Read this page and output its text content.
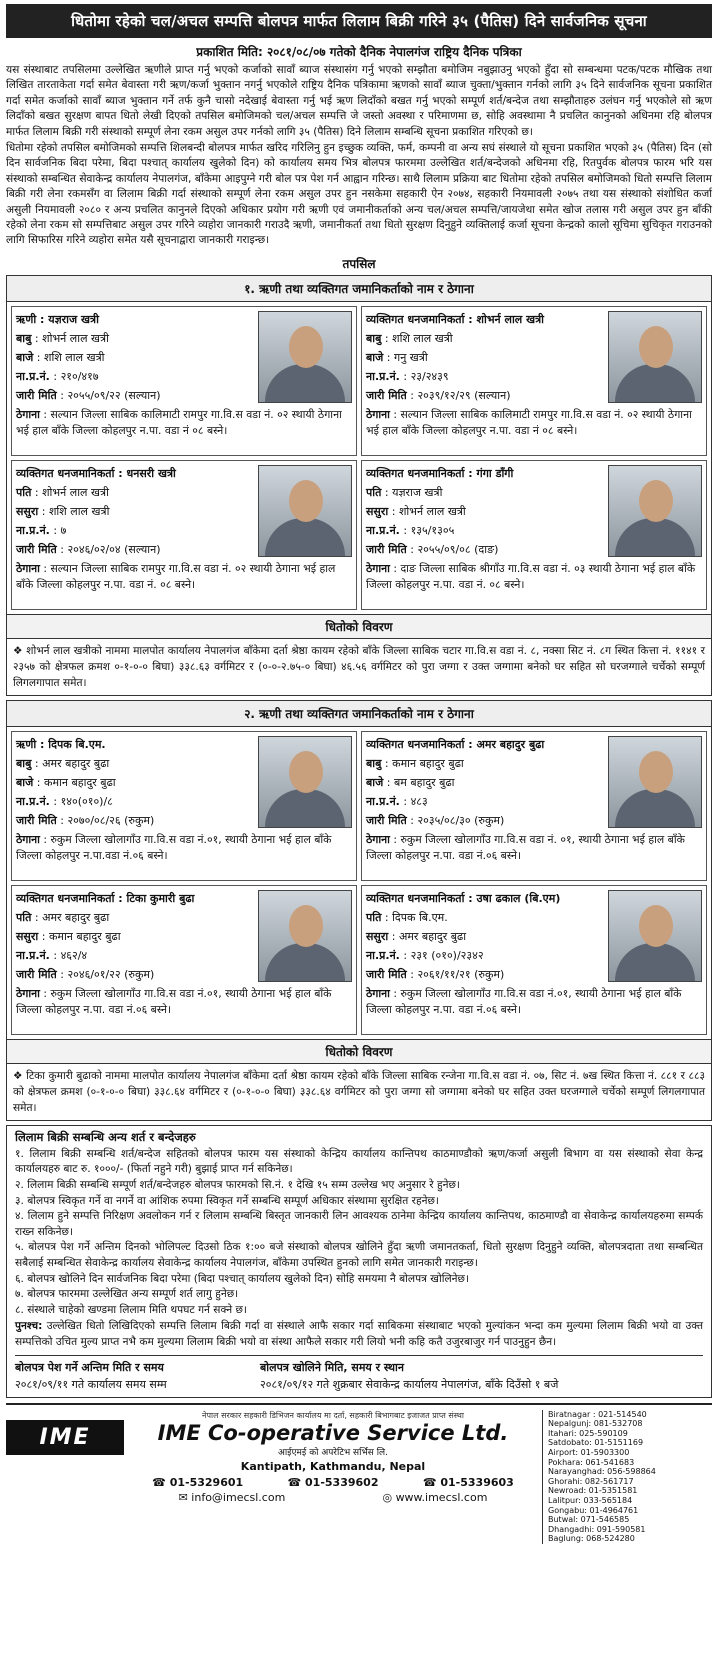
धितोमा रहेको चल/अचल सम्पत्ति बोलपत्र मार्फत लिलाम बिक्री गरिने ३५ (पैतिस) दिने सार्वजनिक सूचना
प्रकाशित मिति: २०८१/०८/०७ गतेको दैनिक नेपालगंज राष्ट्रिय दैनिक पत्रिका

यस संस्थाबाट तपसिलमा उल्लेखित ऋणीले प्राप्त गर्नु भएको कर्जाको सावाँ ब्याज संस्थासंग गर्नु भएको सम्झौता बमोजिम नबुझाउनु भएको हुँदा सो सम्बन्धमा पटक/पटक मौखिक तथा लिखित तारताकेता गर्दा समेत बेवास्ता गरी ऋण/कर्जा भुक्तान नगर्नु भएकोले राष्ट्रिय दैनिक पत्रिकामा ऋणको सावाँ ब्याज चुक्ता/भुक्तान गर्नको लागि ३५ दिने सार्वजनिक सूचना प्रकाशित गर्दा समेत कर्जाको सावाँ ब्याज भुक्तान गर्ने तर्फ कुनै चासो नदेखाई बेवास्ता गर्नु भई ऋण लिदाँको बखत गर्नु भएको सम्पूर्ण शर्त/बन्देज तथा सम्झौताहरु उलंघन गर्नु भएकोले सो ऋण लिदाँको बखत सुरक्षण बापत धितो लेखी दिएको तपसिल बमोजिमको चल/अचल सम्पत्ति जे जस्तो अवस्था र परिमाणमा छ, सोहि अवस्थामा नै प्रचलित कानुनको अधिनमा रहि बोलपत्र मार्फत लिलाम बिक्री गरी संस्थाको सम्पूर्ण लेना रकम असुल उपर गर्नको लागि ३५ (पैतिस) दिने लिलाम सम्बन्धि सूचना प्रकाशित गरिएको छ।

धितोमा रहेको तपसिल बमोजिमको सम्पत्ति शिलबन्दी बोलपत्र मार्फत खरिद गरिलिनु हुन इच्छुक व्यक्ति, फर्म, कम्पनी वा अन्य सघं संस्थाले यो सूचना प्रकाशित भएको ३५ (पैतिस) दिन (सो दिन सार्वजनिक बिदा परेमा, बिदा पश्चात् कार्यालय खुलेको दिन) को कार्यालय समय भित्र बोलपत्र फारममा उल्लेखित शर्त/बन्देजको अधिनमा रहि, रितपुर्वक बोलपत्र फारम भरि यस संस्थाको सम्बन्धित सेवाकेन्द्र कार्यालय नेपालगंज, बाँकेमा आइपुग्ने गरी बोल पत्र पेश गर्न आह्वान गरिन्छ। साथै लिलाम प्रक्रिया बाट धितोमा रहेको तपसिल बमोजिमको धितो सम्पत्ति लिलाम बिक्री गरी लेना रकमसँग वा लिलाम बिक्री गर्दा संस्थाको सम्पूर्ण लेना रकम असुल उपर हुन नसकेमा सहकारी ऐन २०७४, सहकारी नियमावली २०७५ तथा यस संस्थाको संशोधित कर्जा असुली नियमावली २०८० र अन्य प्रचलित कानुनले दिएको अधिकार प्रयोग गरी ऋणी एवं जमानीकर्ताको अन्य चल/अचल सम्पत्ति/जायजेथा समेत खोज तलास गरी असुल उपर हुन बाँकी रहेको लेना रकम सो सम्पत्तिबाट असुल उपर गरिने व्यहोरा जानकारी गराउदै ऋणी, जमानीकर्ता तथा धितो सुरक्षण दिनुहुने व्यक्तिलाई कर्जा सूचना केन्द्रको कालो सूचिमा सुचिकृत गराउनको लागि सिफारिस गरिने व्यहोरा समेत यसै सूचनाद्वारा जानकारी गराइन्छ।

तपसिल
१. ऋणी तथा व्यक्तिगत जमानिकर्ताको नाम र ठेगाना
ऋणी : यज्ञराज खत्री
बाबु : शोभर्न लाल खत्री
बाजे : शशि लाल खत्री
ना.प्र.नं. : २१०/४१७
जारी मिति : २०५५/०९/२२ (सल्यान)
ठेगाना : सल्यान जिल्ला साबिक कालिमाटी रामपुर गा.वि.स वडा नं. ०२ स्थायी ठेगाना भई हाल बाँके जिल्ला कोहलपुर न.पा. वडा नं ०८ बस्ने।
व्यक्तिगत धनजमानिकर्ता : शोभर्न लाल खत्री
बाबु : शशि लाल खत्री
बाजे : गनु खत्री
ना.प्र.नं. : २३/२४३९
जारी मिति : २०३९/१२/२९ (सल्यान)
ठेगाना : सल्यान जिल्ला साबिक कालिमाटी रामपुर गा.वि.स वडा नं. ०२ स्थायी ठेगाना भई हाल बाँके जिल्ला कोहलपुर न.पा. वडा नं ०८ बस्ने।
व्यक्तिगत धनजमानिकर्ता : धनसरी खत्री
पति : शोभर्न लाल खत्री
ससुरा : शशि लाल खत्री
ना.प्र.नं. : ७
जारी मिति : २०४६/०२/०४ (सल्यान)
ठेगाना : सल्यान जिल्ला साबिक रामपुर गा.वि.स वडा नं. ०२ स्थायी ठेगाना भई हाल बाँके जिल्ला कोहलपुर न.पा. वडा नं. ०८ बस्ने।
व्यक्तिगत धनजमानिकर्ता : गंगा डाँगी
पति : यज्ञराज खत्री
ससुरा : शोभर्न लाल खत्री
ना.प्र.नं. : १३५/१३०५
जारी मिति : २०५५/०९/०८ (दाङ)
ठेगाना : दाङ जिल्ला साबिक श्रीगाँउ गा.वि.स वडा नं. ०३ स्थायी ठेगाना भई हाल बाँके जिल्ला कोहलपुर न.पा. वडा नं. ०८ बस्ने।
धितोको विवरण
❖ शोभर्न लाल खत्रीको नाममा मालपोत कार्यालय नेपालगंज बाँकेमा दर्ता श्रेष्ठा कायम रहेको बाँके जिल्ला साबिक चटार गा.वि.स वडा नं. ८, नक्सा सिट नं. ८ग स्थित कित्ता नं. ११४१ र २३५७ को क्षेत्रफल क्रमश ०-१-०-० बिघा) ३३८.६३ वर्गमिटर र (०-०-२.७५-० बिघा) ४६.५६ वर्गमिटर को पुरा जग्गा र उक्त जग्गामा बनेको घर सहित सो घरजग्गाले चर्चेको सम्पूर्ण लिगलगापात समेत।
२. ऋणी तथा व्यक्तिगत जमानिकर्ताको नाम र ठेगाना
ऋणी : दिपक बि.एम.
बाबु : अमर बहादुर बुढा
बाजे : कमान बहादुर बुढा
ना.प्र.नं. : १४०(०१०)/८
जारी मिति : २०७०/०८/२६ (रुकुम)
ठेगाना : रुकुम जिल्ला खोलागाँउ गा.वि.स वडा नं.०१, स्थायी ठेगाना भई हाल बाँके जिल्ला कोहलपुर न.पा.वडा नं.०६ बस्ने।
व्यक्तिगत धनजमानिकर्ता : अमर बहादुर बुढा
बाबु : कमान बहादुर बुढा
बाजे : बम बहादुर बुढा
ना.प्र.नं. : ४८३
जारी मिति : २०३५/०८/३० (रुकुम)
ठेगाना : रुकुम जिल्ला खोलागाँउ गा.वि.स वडा नं. ०१, स्थायी ठेगाना भई हाल बाँके जिल्ला कोहलपुर न.पा. वडा नं.०६ बस्ने।
व्यक्तिगत धनजमानिकर्ता : टिका कुमारी बुढा
पति : अमर बहादुर बुढा
ससुरा : कमान बहादुर बुढा
ना.प्र.नं. : ४६२/४
जारी मिति : २०४६/०१/२२ (रुकुम)
ठेगाना : रुकुम जिल्ला खोलागाँउ गा.वि.स वडा नं.०१, स्थायी ठेगाना भई हाल बाँके जिल्ला कोहलपुर न.पा. वडा नं.०६ बस्ने।
व्यक्तिगत धनजमानिकर्ता : उषा ढकाल (बि.एम)
पति : दिपक बि.एम.
ससुरा : अमर बहादुर बुढा
ना.प्र.नं. : २३१ (०१०)/२३४२
जारी मिति : २०६१/११/२१ (रुकुम)
ठेगाना : रुकुम जिल्ला खोलागाँउ गा.वि.स वडा नं.०१, स्थायी ठेगाना भई हाल बाँके जिल्ला कोहलपुर न.पा. वडा नं.०६ बस्ने।
धितोको विवरण
❖ टिका कुमारी बुढाको नाममा मालपोत कार्यालय नेपालगंज बाँकेमा दर्ता श्रेष्ठा कायम रहेको बाँके जिल्ला साबिक रन्जेना गा.वि.स वडा नं. ०७, सिट नं. ७ख स्थित कित्ता नं. ८८१ र ८८३ को क्षेत्रफल क्रमश (०-१-०-० बिघा) ३३८.६४ वर्गमिटर र (०-१-०-० बिघा) ३३८.६४ वर्गमिटर को पुरा जग्गा सो जग्गामा बनेको घर सहित उक्त घरजग्गाले चर्चेको सम्पूर्ण लिगलगापात समेत।
लिलाम बिक्री सम्बन्धि अन्य शर्त र बन्देजहरु
१. लिलाम बिक्री सम्बन्धि शर्त/बन्देज सहितको बोलपत्र फारम यस संस्थाको केन्द्रिय कार्यालय कान्तिपथ काठमाण्डौको ऋण/कर्जा असुली बिभाग वा यस संस्थाको सेवा केन्द्र कार्यालयहरु बाट रु. १०००/- (फिर्ता नहुने गरी) बुझाई प्राप्त गर्न सकिनेछ।
२. लिलाम बिक्री सम्बन्धि सम्पूर्ण शर्त/बन्देजहरु बोलपत्र फारमको सि.नं. १ देखि १५ सम्म उल्लेख भए अनुसार रे हुनेछ।
३. बोलपत्र स्विकृत गर्ने वा नगर्ने वा आंशिक रुपमा स्विकृत गर्ने सम्बन्धि सम्पूर्ण अधिकार संस्थामा सुरक्षित रहनेछ।
४. लिलाम हुने सम्पत्ति निरिक्षण अवलोकन गर्न र लिलाम सम्बन्धि बिस्तृत जानकारी लिन आवश्यक ठानेमा केन्द्रिय कार्यालय कान्तिपथ, काठमाण्डौ वा सेवाकेन्द्र कार्यालयहरुमा सम्पर्क राख्न सकिनेछ।
५. बोलपत्र पेश गर्ने अन्तिम दिनको भोलिपल्ट दिउसो ठिक १:०० बजे संस्थाको बोलपत्र खोलिने हुँदा ऋणी जमानतकर्ता, धितो सुरक्षण दिनुहुने व्यक्ति, बोलपत्रदाता तथा सम्बन्धित सबैलाई सम्बन्धित सेवाकेन्द्र कार्यालय सेवाकेन्द्र कार्यालय नेपालगंज, बाँकेमा उपस्थित हुनको लागि समेत जानकारी गराइन्छ।
६. बोलपत्र खोलिने दिन सार्वजनिक बिदा परेमा (बिदा पश्चात् कार्यालय खुलेको दिन) सोहि समयमा नै बोलपत्र खोलिनेछ।
७. बोलपत्र फारममा उल्लेखित अन्य सम्पूर्ण शर्त लागु हुनेछ।
८. संस्थाले चाहेको खण्डमा लिलाम मिति थपघट गर्न सक्ने छ।
पुनश्च: उल्लेखित धितो लिखिदिएको सम्पत्ति लिलाम बिक्री गर्दा वा संस्थाले आफै सकार गर्दा साबिकमा संस्थाबाट भएको मुल्यांकन भन्दा कम मुल्यमा लिलाम बिक्री भयो वा उक्त सम्पत्तिको उचित मुल्य प्राप्त नभै कम मुल्यमा लिलाम बिक्री भयो वा संस्था आफैले सकार गरी लियो भनी कहि कतै उजुरबाजुर गर्न पाउनुहुन छैन।
बोलपत्र पेश गर्ने अन्तिम मिति र समय
२०८१/०९/११ गते कार्यालय समय सम्म
बोलपत्र खोलिने मिति, समय र स्थान
२०८१/०९/१२ गते शुक्रबार सेवाकेन्द्र कार्यालय नेपालगंज, बाँके दिउँसो १ बजे
IME
नेपाल सरकार सहकारी डिभिजन कार्यालय मा दर्ता, सहकारी बिभागबाट इजाजत प्राप्त संस्था
IME Co-operative Service Ltd.
आईएमई को अपरेटिभ सर्भिस लि.
Kantipath, Kathmandu, Nepal
☎ 01-5329601	☎ 01-5339602	☎ 01-5339603
✉ info@imecsl.com	◎ www.imecsl.com
Biratnagar : 021-514540
Nepalgunj: 081-532708
Itahari: 025-590109
Satdobato: 01-5151169
Airport: 01-5903300
Pokhara: 061-541683
Narayanghad: 056-598864
Ghorahi: 082-561717
Newroad: 01-5351581
Lalitpur: 033-565184
Gongabu: 01-4964761
Butwal: 071-546585
Dhangadhi: 091-590581
Baglung: 068-524280
